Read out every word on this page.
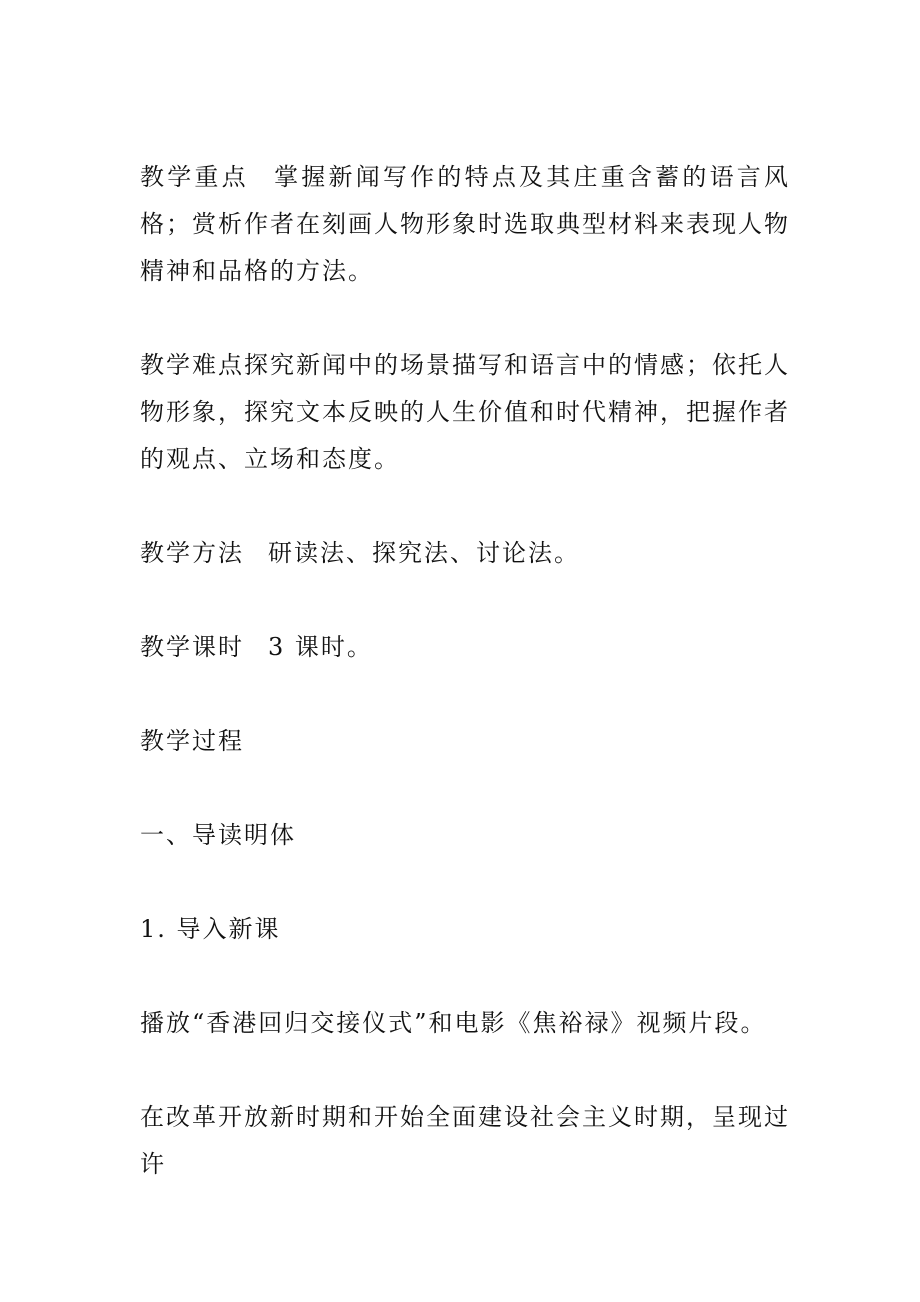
教学重点 掌握新闻写作的特点及其庄重含蓄的语言风格；赏析作者在刻画人物形象时选取典型材料来表现人物精神和品格的方法。

教学难点探究新闻中的场景描写和语言中的情感；依托人物形象，探究文本反映的人生价值和时代精神，把握作者的观点、立场和态度。

教学方法 研读法、探究法、讨论法。

教学课时 3 课时。

教学过程

一、导读明体

1. 导入新课

播放“香港回归交接仪式”和电影《焦裕禄》视频片段。

在改革开放新时期和开始全面建设社会主义时期，呈现过许
